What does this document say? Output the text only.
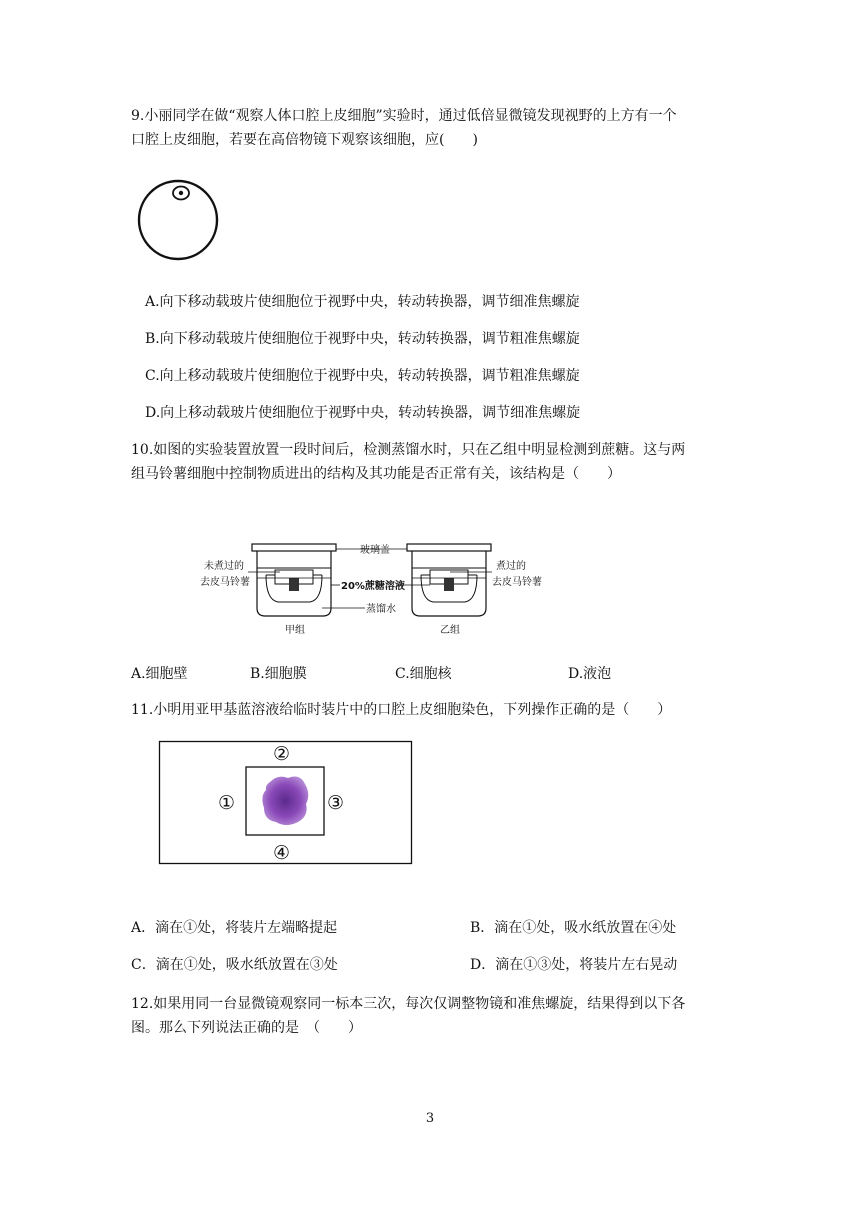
9.小丽同学在做“观察人体口腔上皮细胞”实验时，通过低倍显微镜发现视野的上方有一个
口腔上皮细胞，若要在高倍物镜下观察该细胞，应(　　)
A.向下移动载玻片使细胞位于视野中央，转动转换器，调节细准焦螺旋
B.向下移动载玻片使细胞位于视野中央，转动转换器，调节粗准焦螺旋
C.向上移动载玻片使细胞位于视野中央，转动转换器，调节粗准焦螺旋
D.向上移动载玻片使细胞位于视野中央，转动转换器，调节细准焦螺旋
10.如图的实验装置放置一段时间后，检测蒸馏水时，只在乙组中明显检测到蔗糖。这与两
组马铃薯细胞中控制物质进出的结构及其功能是否正常有关，该结构是（　　）
未煮过的
去皮马铃薯
玻璃盖
20%蔗糖溶液
蒸馏水
煮过的
去皮马铃薯
甲组	乙组
A.细胞壁	B.细胞膜	C.细胞核	D.液泡
11.小明用亚甲基蓝溶液给临时装片中的口腔上皮细胞染色，下列操作正确的是（　　）
②
①	③
④
A．滴在①处，将装片左端略提起	B．滴在①处，吸水纸放置在④处
C．滴在①处，吸水纸放置在③处	D．滴在①③处，将装片左右晃动
12.如果用同一台显微镜观察同一标本三次，每次仅调整物镜和准焦螺旋，结果得到以下各
图。那么下列说法正确的是　（　　）
3
